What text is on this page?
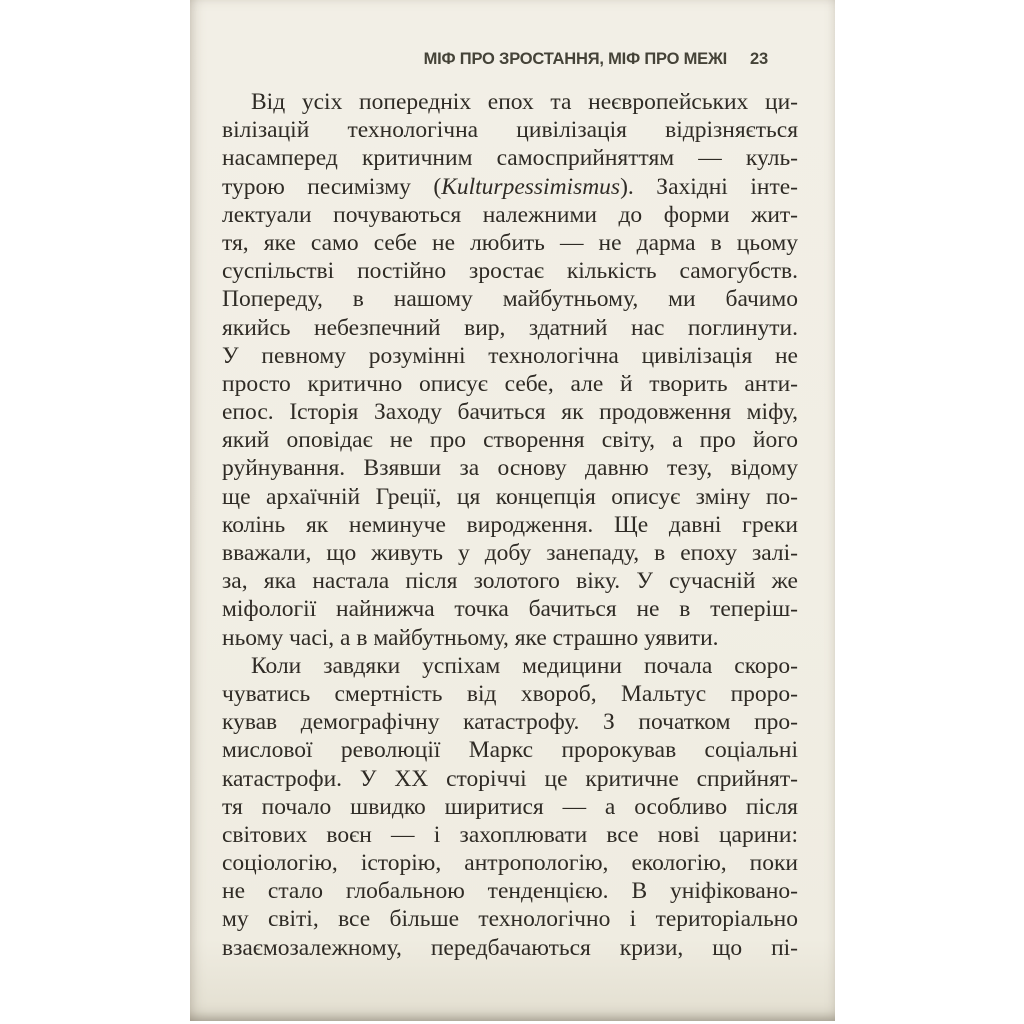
МІФ ПРО ЗРОСТАННЯ, МІФ ПРО МЕЖІ 23
Від усіх попередніх епох та неєвропейських ци-
вілізацій технологічна цивілізація відрізняється
насамперед критичним самосприйняттям — куль-
турою песимізму (Kulturpessimismus). Західні інте-
лектуали почуваються належними до форми жит-
тя, яке само себе не любить — не дарма в цьому
суспільстві постійно зростає кількість самогубств.
Попереду, в нашому майбутньому, ми бачимо
якийсь небезпечний вир, здатний нас поглинути.
У певному розумінні технологічна цивілізація не
просто критично описує себе, але й творить анти-
епос. Історія Заходу бачиться як продовження міфу,
який оповідає не про створення світу, а про його
руйнування. Взявши за основу давню тезу, відому
ще архаїчній Греції, ця концепція описує зміну по-
колінь як неминуче виродження. Ще давні греки
вважали, що живуть у добу занепаду, в епоху залі-
за, яка настала після золотого віку. У сучасній же
міфології найнижча точка бачиться не в теперіш-
ньому часі, а в майбутньому, яке страшно уявити.
Коли завдяки успіхам медицини почала скоро-
чуватись смертність від хвороб, Мальтус проро-
кував демографічну катастрофу. З початком про-
мислової революції Маркс пророкував соціальні
катастрофи. У XX сторіччі це критичне сприйнят-
тя почало швидко ширитися — а особливо після
світових воєн — і захоплювати все нові царини:
соціологію, історію, антропологію, екологію, поки
не стало глобальною тенденцією. В уніфіковано-
му світі, все більше технологічно і територіально
взаємозалежному, передбачаються кризи, що пі-
